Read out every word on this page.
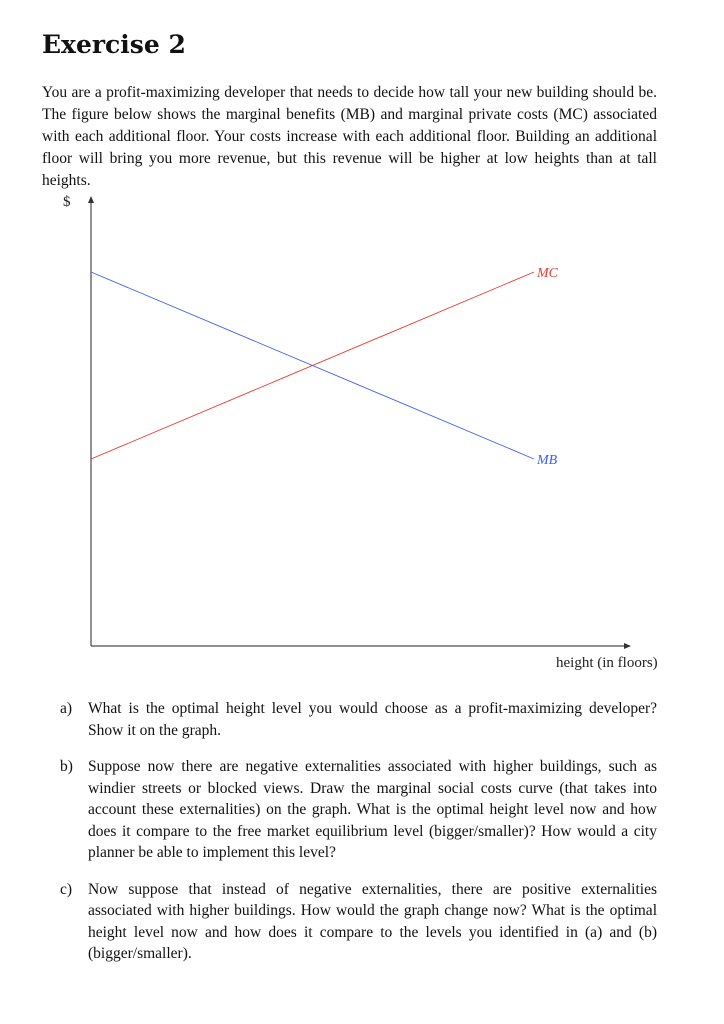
Exercise 2

You are a profit-maximizing developer that needs to decide how tall your new building should be. The figure below shows the marginal benefits (MB) and marginal private costs (MC) associated with each additional floor. Your costs increase with each additional floor. Building an additional floor will bring you more revenue, but this revenue will be higher at low heights than at tall heights.

$
height (in floors)
MC
MB
a) What is the optimal height level you would choose as a profit-maximizing developer? Show it on the graph.
b) Suppose now there are negative externalities associated with higher buildings, such as windier streets or blocked views. Draw the marginal social costs curve (that takes into account these externalities) on the graph. What is the optimal height level now and how does it compare to the free market equilibrium level (bigger/smaller)? How would a city planner be able to implement this level?
c) Now suppose that instead of negative externalities, there are positive externalities associated with higher buildings. How would the graph change now? What is the optimal height level now and how does it compare to the levels you identified in (a) and (b) (bigger/smaller).
